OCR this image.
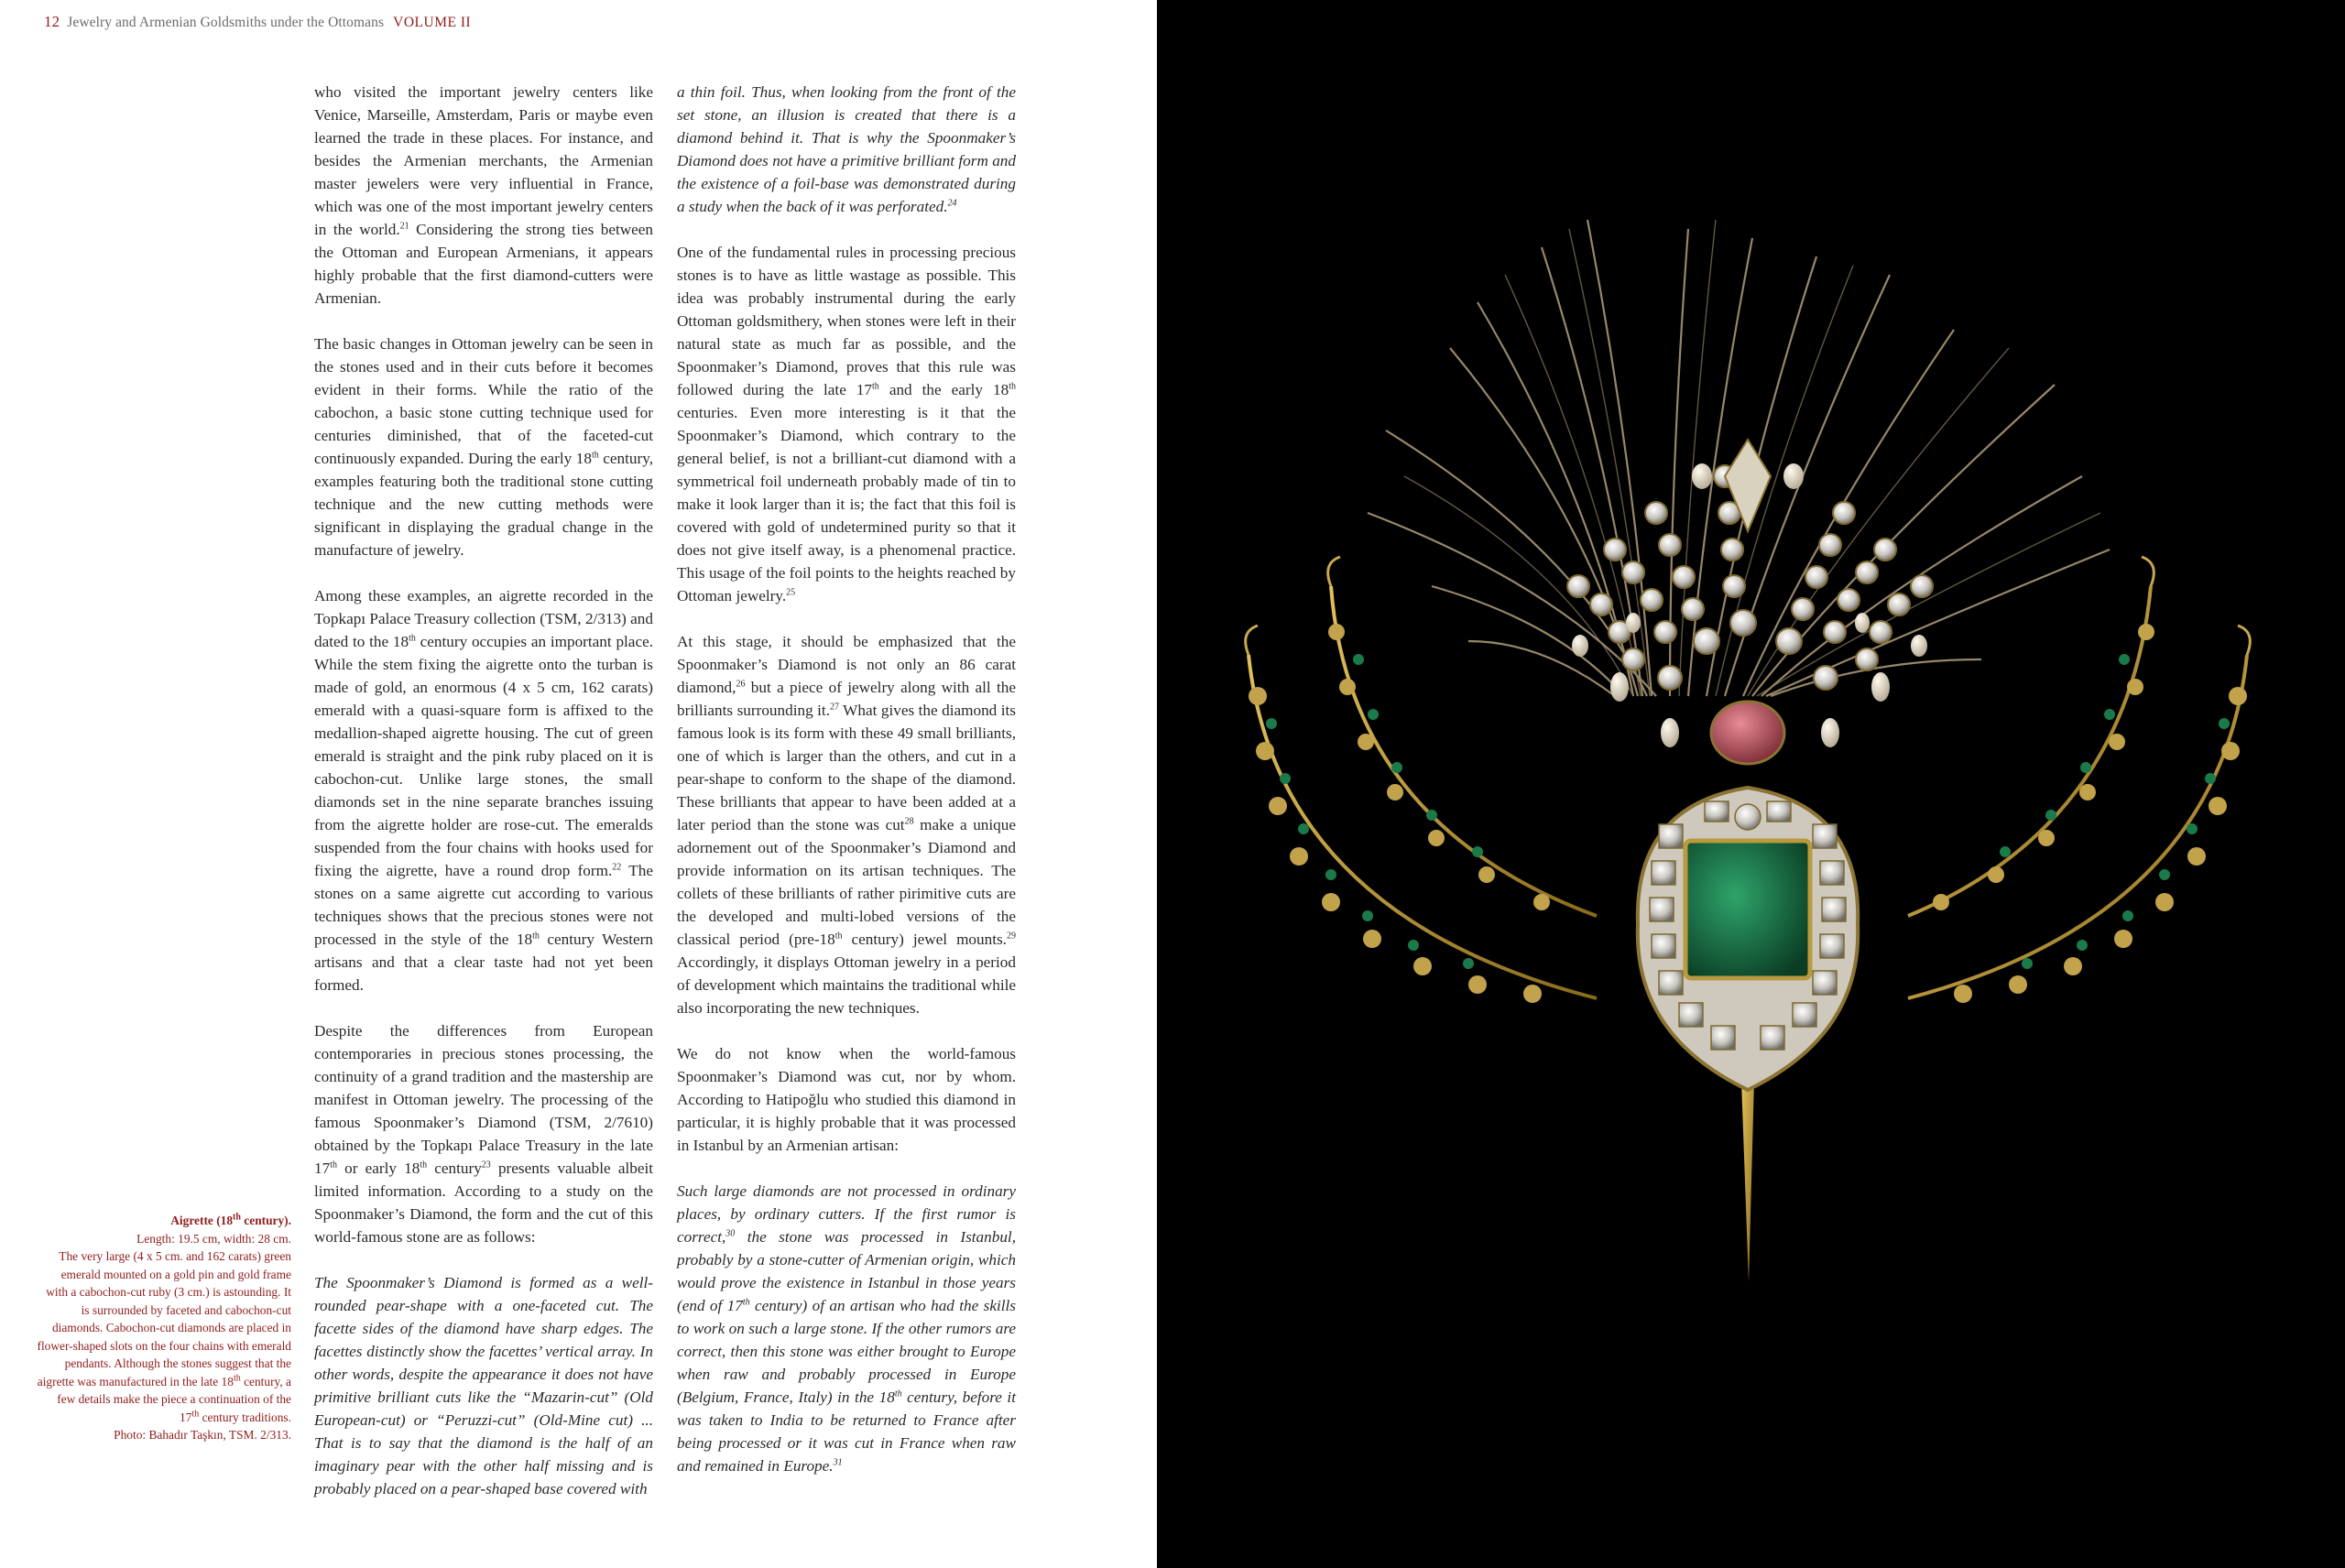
12 Jewelry and Armenian Goldsmiths under the Ottomans VOLUME II

who visited the important jewelry centers like Venice, Marseille, Amsterdam, Paris or maybe even learned the trade in these places. For instance, and besides the Armenian merchants, the Armenian master jewelers were very influential in France, which was one of the most important jewelry centers in the world.$^{21}$ Considering the strong ties between the Ottoman and European Armenians, it appears highly probable that the first diamond-cutters were Armenian.

The basic changes in Ottoman jewelry can be seen in the stones used and in their cuts before it becomes evident in their forms. While the ratio of the cabochon, a basic stone cutting technique used for centuries diminished, that of the faceted-cut continuously expanded. During the early 18th century, examples featuring both the traditional stone cutting technique and the new cutting methods were significant in displaying the gradual change in the manufacture of jewelry.

Among these examples, an aigrette recorded in the Topkapı Palace Treasury collection (TSM, 2/313) and dated to the 18th century occupies an important place. While the stem fixing the aigrette onto the turban is made of gold, an enormous (4 x 5 cm, 162 carats) emerald with a quasi-square form is affixed to the medallion-shaped aigrette housing. The cut of green emerald is straight and the pink ruby placed on it is cabochon-cut. Unlike large stones, the small diamonds set in the nine separate branches issuing from the aigrette holder are rose-cut. The emeralds suspended from the four chains with hooks used for fixing the aigrette, have a round drop form.$^{22}$ The stones on a same aigrette cut according to various techniques shows that the precious stones were not processed in the style of the 18th century Western artisans and that a clear taste had not yet been formed.

Despite the differences from European contemporaries in precious stones processing, the continuity of a grand tradition and the mastership are manifest in Ottoman jewelry. The processing of the famous Spoonmaker’s Diamond (TSM, 2/7610) obtained by the Topkapı Palace Treasury in the late 17th or early 18th century$^{23}$ presents valuable albeit limited information. According to a study on the Spoonmaker’s Diamond, the form and the cut of this world-famous stone are as follows:

The Spoonmaker’s Diamond is formed as a well-rounded pear-shape with a one-faceted cut. The facette sides of the diamond have sharp edges. The facettes distinctly show the facettes’ vertical array. In other words, despite the appearance it does not have primitive brilliant cuts like the “Mazarin-cut” (Old European-cut) or “Peruzzi-cut” (Old-Mine cut) ... That is to say that the diamond is the half of an imaginary pear with the other half missing and is probably placed on a pear-shaped base covered with

a thin foil. Thus, when looking from the front of the set stone, an illusion is created that there is a diamond behind it. That is why the Spoonmaker’s Diamond does not have a primitive brilliant form and the existence of a foil-base was demonstrated during a study when the back of it was perforated.$^{24}$

One of the fundamental rules in processing precious stones is to have as little wastage as possible. This idea was probably instrumental during the early Ottoman goldsmithery, when stones were left in their natural state as much far as possible, and the Spoonmaker’s Diamond, proves that this rule was followed during the late 17th and the early 18th centuries. Even more interesting is it that the Spoonmaker’s Diamond, which contrary to the general belief, is not a brilliant-cut diamond with a symmetrical foil underneath probably made of tin to make it look larger than it is; the fact that this foil is covered with gold of undetermined purity so that it does not give itself away, is a phenomenal practice. This usage of the foil points to the heights reached by Ottoman jewelry.$^{25}$

At this stage, it should be emphasized that the Spoonmaker’s Diamond is not only an 86 carat diamond,$^{26}$ but a piece of jewelry along with all the brilliants surrounding it.$^{27}$ What gives the diamond its famous look is its form with these 49 small brilliants, one of which is larger than the others, and cut in a pear-shape to conform to the shape of the diamond. These brilliants that appear to have been added at a later period than the stone was cut$^{28}$ make a unique adornement out of the Spoonmaker’s Diamond and provide information on its artisan techniques. The collets of these brilliants of rather pirimitive cuts are the developed and multi-lobed versions of the classical period (pre-18th century) jewel mounts.$^{29}$ Accordingly, it displays Ottoman jewelry in a period of development which maintains the traditional while also incorporating the new techniques.

We do not know when the world-famous Spoonmaker’s Diamond was cut, nor by whom. According to Hatipoğlu who studied this diamond in particular, it is highly probable that it was processed in Istanbul by an Armenian artisan:

Such large diamonds are not processed in ordinary places, by ordinary cutters. If the first rumor is correct,$^{30}$ the stone was processed in Istanbul, probably by a stone-cutter of Armenian origin, which would prove the existence in Istanbul in those years (end of 17th century) of an artisan who had the skills to work on such a large stone. If the other rumors are correct, then this stone was either brought to Europe when raw and probably processed in Europe (Belgium, France, Italy) in the 18th century, before it was taken to India to be returned to France after being processed or it was cut in France when raw and remained in Europe.$^{31}$

Aigrette (18th century).
Length: 19.5 cm, width: 28 cm.
The very large (4 x 5 cm. and 162 carats) green emerald mounted on a gold pin and gold frame with a cabochon-cut ruby (3 cm.) is astounding. It is surrounded by faceted and cabochon-cut diamonds. Cabochon-cut diamonds are placed in flower-shaped slots on the four chains with emerald pendants. Although the stones suggest that the aigrette was manufactured in the late 18th century, a few details make the piece a continuation of the 17th century traditions.
Photo: Bahadır Taşkın, TSM. 2/313.
